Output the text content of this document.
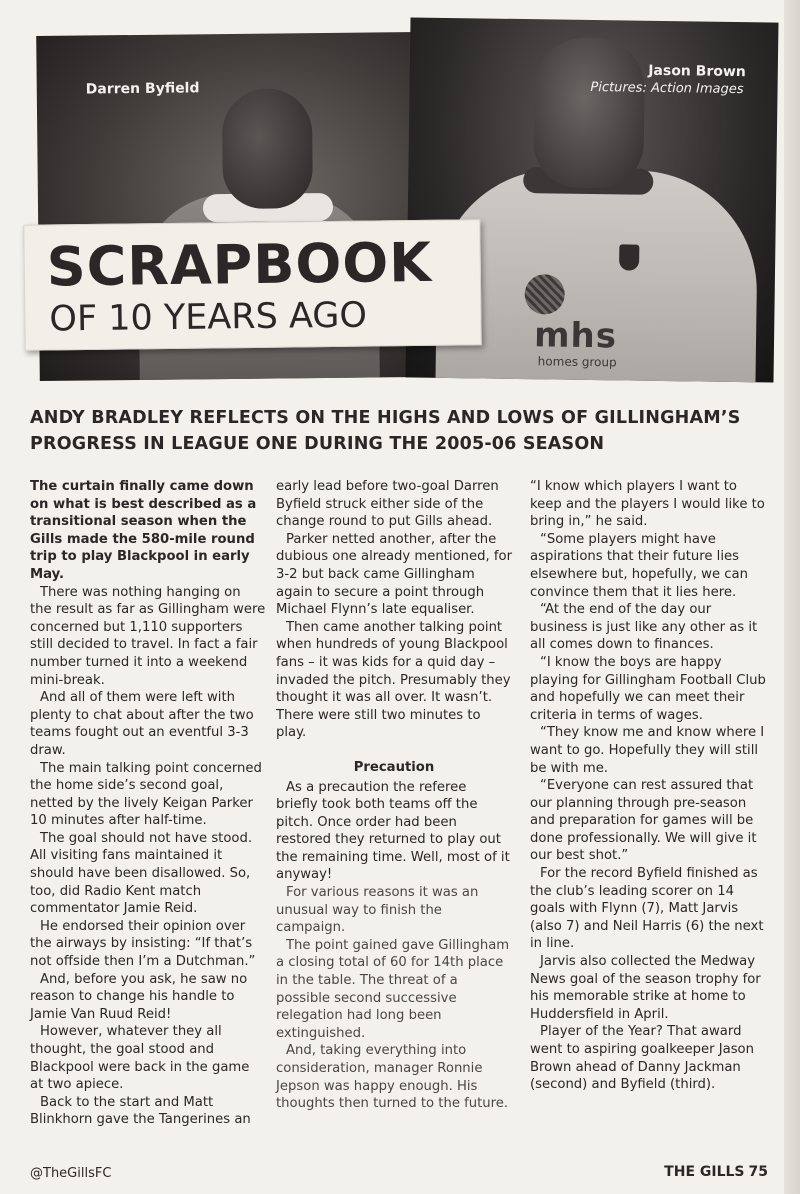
Darren Byfield
mhs
homes group
Jason Brown
Pictures: Action Images
SCRAPBOOK
OF 10 YEARS AGO
ANDY BRADLEY REFLECTS ON THE HIGHS AND LOWS OF GILLINGHAM’S PROGRESS IN LEAGUE ONE DURING THE 2005-06 SEASON

The curtain finally came down on what is best described as a transitional season when the Gills made the 580-mile round trip to play Blackpool in early May.

There was nothing hanging on the result as far as Gillingham were concerned but 1,110 supporters still decided to travel. In fact a fair number turned it into a weekend mini-break.

And all of them were left with plenty to chat about after the two teams fought out an eventful 3-3 draw.

The main talking point concerned the home side’s second goal, netted by the lively Keigan Parker 10 minutes after half-time.

The goal should not have stood. All visiting fans maintained it should have been disallowed. So, too, did Radio Kent match commentator Jamie Reid.

He endorsed their opinion over the airways by insisting: “If that’s not offside then I’m a Dutchman.”

And, before you ask, he saw no reason to change his handle to Jamie Van Ruud Reid!

However, whatever they all thought, the goal stood and Blackpool were back in the game at two apiece.

Back to the start and Matt Blinkhorn gave the Tangerines an

early lead before two-goal Darren Byfield struck either side of the change round to put Gills ahead.

Parker netted another, after the dubious one already mentioned, for 3-2 but back came Gillingham again to secure a point through Michael Flynn’s late equaliser.

Then came another talking point when hundreds of young Blackpool fans – it was kids for a quid day – invaded the pitch. Presumably they thought it was all over. It wasn’t. There were still two minutes to play.

Precaution

As a precaution the referee briefly took both teams off the pitch. Once order had been restored they returned to play out the remaining time. Well, most of it anyway!

For various reasons it was an unusual way to finish the campaign.

The point gained gave Gillingham a closing total of 60 for 14th place in the table. The threat of a possible second successive relegation had long been extinguished.

And, taking everything into consideration, manager Ronnie Jepson was happy enough. His thoughts then turned to the future.

“I know which players I want to keep and the players I would like to bring in,” he said.

“Some players might have aspirations that their future lies elsewhere but, hopefully, we can convince them that it lies here.

“At the end of the day our business is just like any other as it all comes down to finances.

“I know the boys are happy playing for Gillingham Football Club and hopefully we can meet their criteria in terms of wages.

“They know me and know where I want to go. Hopefully they will still be with me.

“Everyone can rest assured that our planning through pre-season and preparation for games will be done professionally. We will give it our best shot.”

For the record Byfield finished as the club’s leading scorer on 14 goals with Flynn (7), Matt Jarvis (also 7) and Neil Harris (6) the next in line.

Jarvis also collected the Medway News goal of the season trophy for his memorable strike at home to Huddersfield in April.

Player of the Year? That award went to aspiring goalkeeper Jason Brown ahead of Danny Jackman (second) and Byfield (third).

@TheGillsFC	THE GILLS 75
